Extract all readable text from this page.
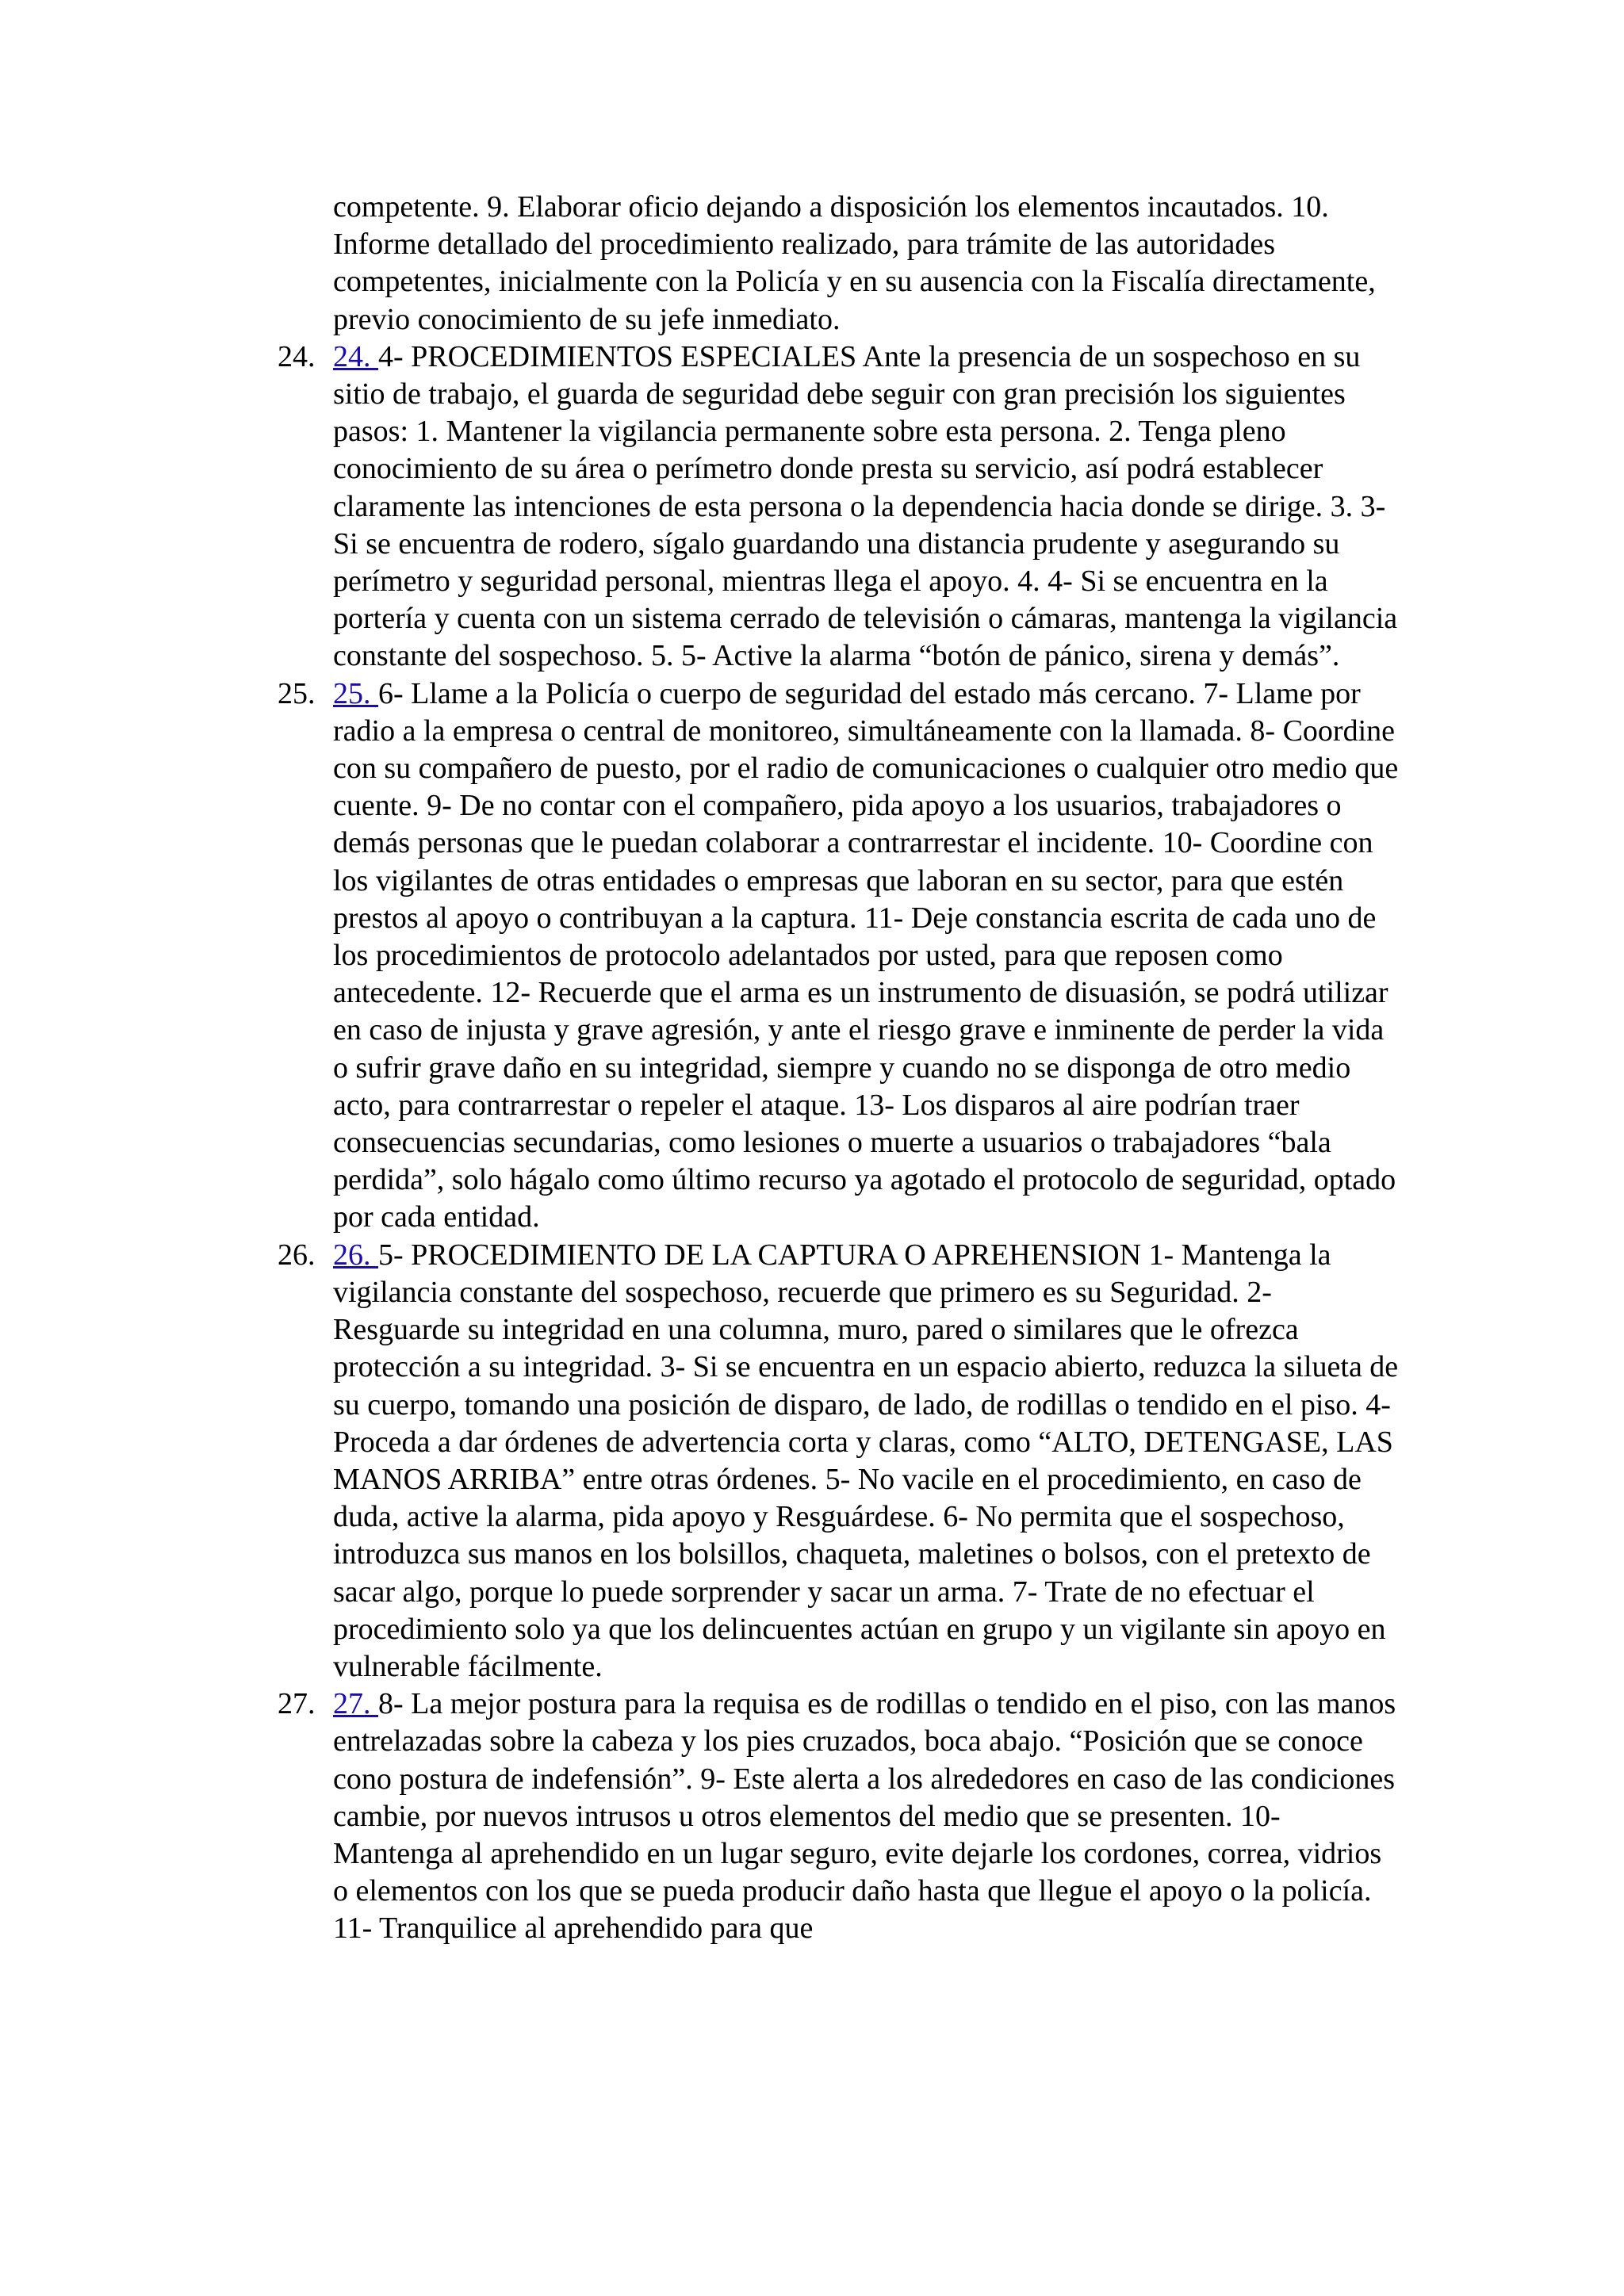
competente. 9. Elaborar oficio dejando a disposición los elementos incautados. 10. Informe detallado del procedimiento realizado, para trámite de las autoridades competentes, inicialmente con la Policía y en su ausencia con la Fiscalía directamente, previo conocimiento de su jefe inmediato.

24. 24. 4- PROCEDIMIENTOS ESPECIALES Ante la presencia de un sospechoso en su sitio de trabajo, el guarda de seguridad debe seguir con gran precisión los siguientes pasos: 1. Mantener la vigilancia permanente sobre esta persona. 2. Tenga pleno conocimiento de su área o perímetro donde presta su servicio, así podrá establecer claramente las intenciones de esta persona o la dependencia hacia donde se dirige. 3. 3- Si se encuentra de rodero, sígalo guardando una distancia prudente y asegurando su perímetro y seguridad personal, mientras llega el apoyo. 4. 4- Si se encuentra en la portería y cuenta con un sistema cerrado de televisión o cámaras, mantenga la vigilancia constante del sospechoso. 5. 5- Active la alarma “botón de pánico, sirena y demás”.
25. 25. 6- Llame a la Policía o cuerpo de seguridad del estado más cercano. 7- Llame por radio a la empresa o central de monitoreo, simultáneamente con la llamada. 8- Coordine con su compañero de puesto, por el radio de comunicaciones o cualquier otro medio que cuente. 9- De no contar con el compañero, pida apoyo a los usuarios, trabajadores o demás personas que le puedan colaborar a contrarrestar el incidente. 10- Coordine con los vigilantes de otras entidades o empresas que laboran en su sector, para que estén prestos al apoyo o contribuyan a la captura. 11- Deje constancia escrita de cada uno de los procedimientos de protocolo adelantados por usted, para que reposen como antecedente. 12- Recuerde que el arma es un instrumento de disuasión, se podrá utilizar en caso de injusta y grave agresión, y ante el riesgo grave e inminente de perder la vida o sufrir grave daño en su integridad, siempre y cuando no se disponga de otro medio acto, para contrarrestar o repeler el ataque. 13- Los disparos al aire podrían traer consecuencias secundarias, como lesiones o muerte a usuarios o trabajadores “bala perdida”, solo hágalo como último recurso ya agotado el protocolo de seguridad, optado por cada entidad.
26. 26. 5- PROCEDIMIENTO DE LA CAPTURA O APREHENSION 1- Mantenga la vigilancia constante del sospechoso, recuerde que primero es su Seguridad. 2- Resguarde su integridad en una columna, muro, pared o similares que le ofrezca protección a su integridad. 3- Si se encuentra en un espacio abierto, reduzca la silueta de su cuerpo, tomando una posición de disparo, de lado, de rodillas o tendido en el piso. 4- Proceda a dar órdenes de advertencia corta y claras, como “ALTO, DETENGASE, LAS MANOS ARRIBA” entre otras órdenes. 5- No vacile en el procedimiento, en caso de duda, active la alarma, pida apoyo y Resguárdese. 6- No permita que el sospechoso, introduzca sus manos en los bolsillos, chaqueta, maletines o bolsos, con el pretexto de sacar algo, porque lo puede sorprender y sacar un arma. 7- Trate de no efectuar el procedimiento solo ya que los delincuentes actúan en grupo y un vigilante sin apoyo en vulnerable fácilmente.
27. 27. 8- La mejor postura para la requisa es de rodillas o tendido en el piso, con las manos entrelazadas sobre la cabeza y los pies cruzados, boca abajo. “Posición que se conoce cono postura de indefensión”. 9- Este alerta a los alrededores en caso de las condiciones cambie, por nuevos intrusos u otros elementos del medio que se presenten. 10- Mantenga al aprehendido en un lugar seguro, evite dejarle los cordones, correa, vidrios o elementos con los que se pueda producir daño hasta que llegue el apoyo o la policía. 11- Tranquilice al aprehendido para que
